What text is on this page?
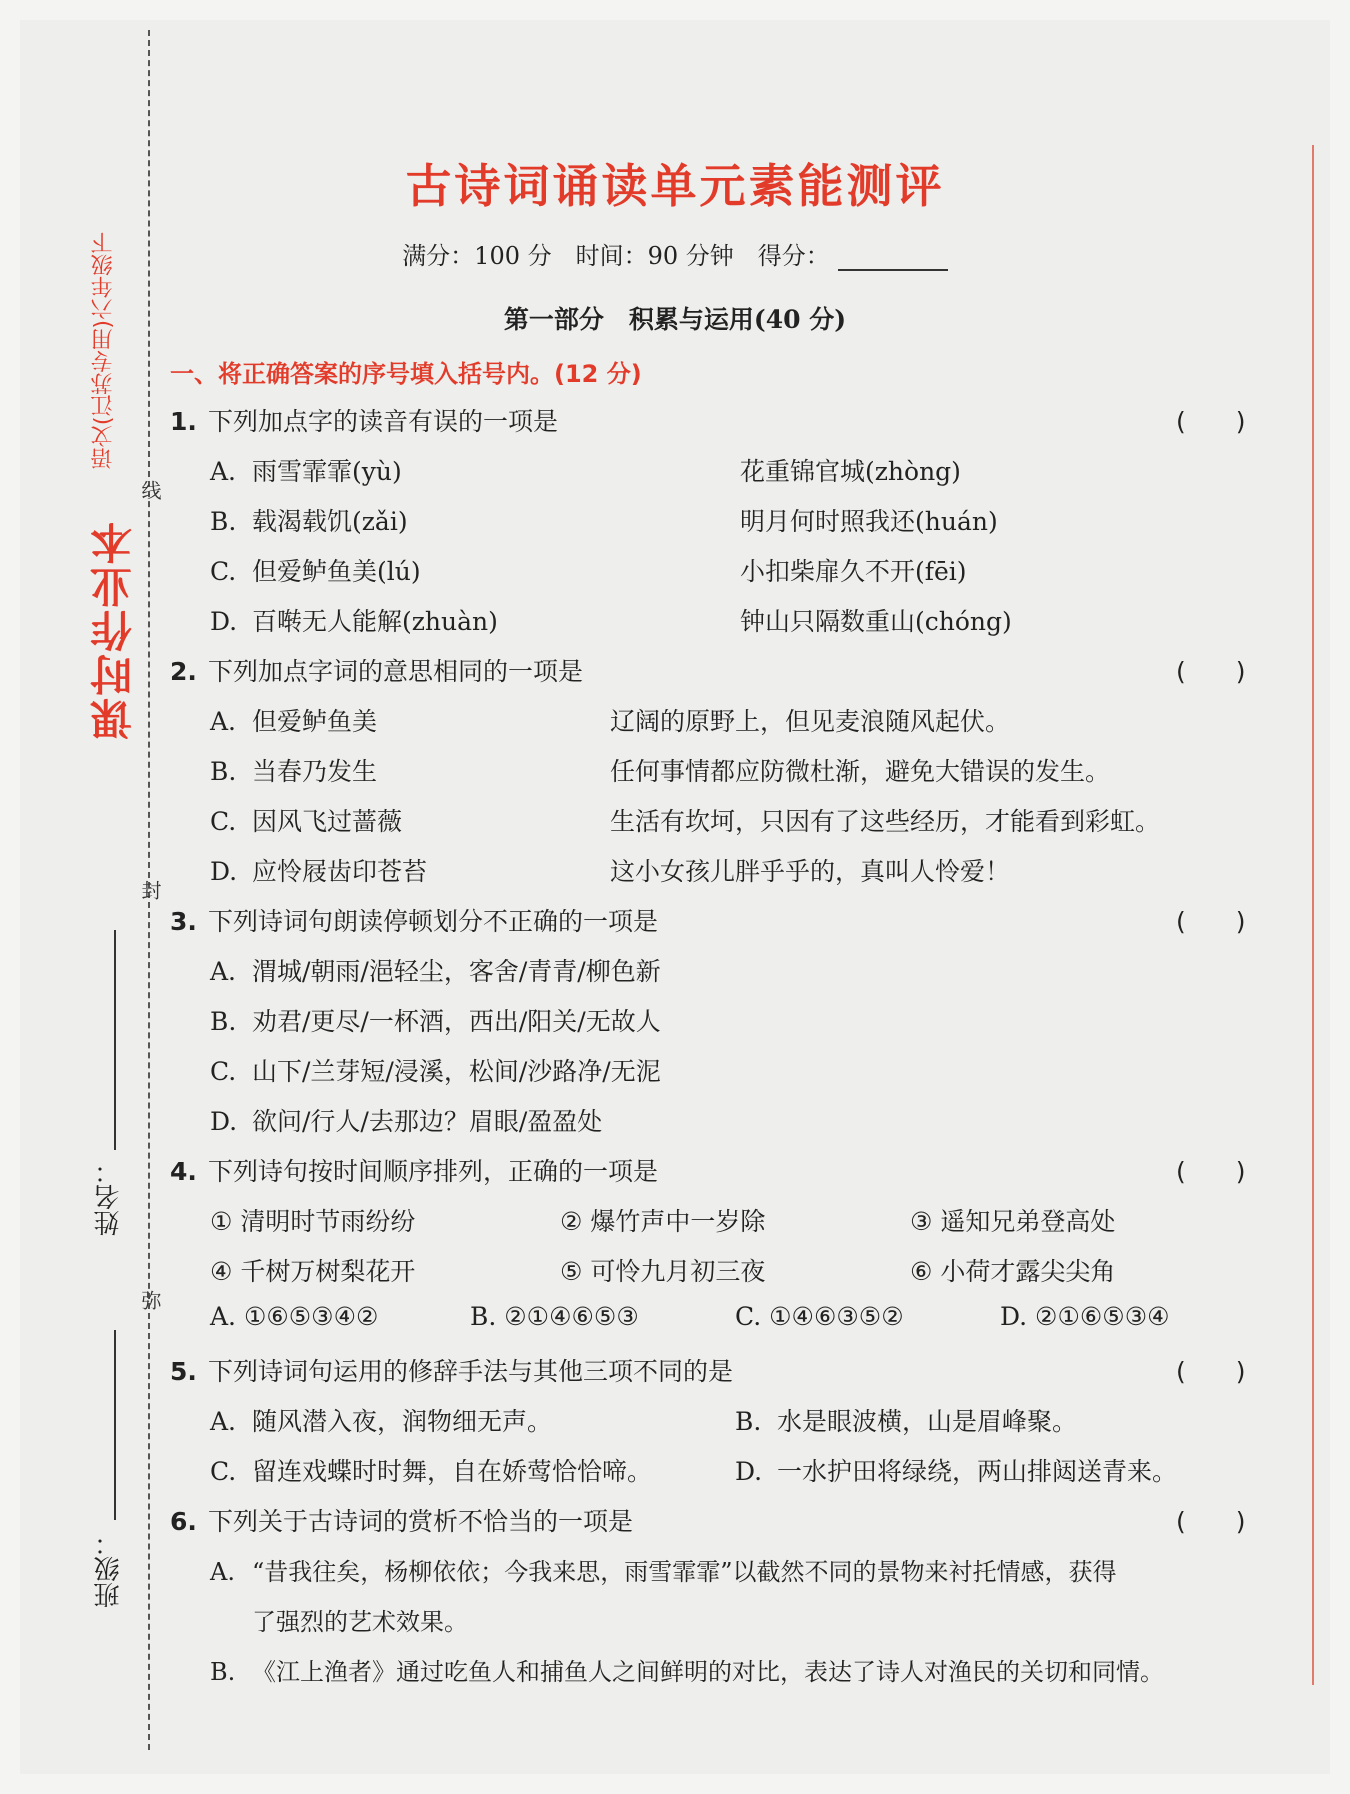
课时作业本
语文(江苏专用)六年级下
线
封
弥
姓名：
班级：
古诗词诵读单元素能测评
满分：100 分　时间：90 分钟　得分：
第一部分　积累与运用(40 分)
一、将正确答案的序号填入括号内。(12 分)
1. 下列加点字的读音有误的一项是	(　　)
A. 雨雪霏霏(yù)	花重锦官城(zhòng)
B. 载渴载饥(zǎi)	明月何时照我还(huán)
C. 但爱鲈鱼美(lú)	小扣柴扉久不开(fēi)
D. 百啭无人能解(zhuàn)	钟山只隔数重山(chóng)
2. 下列加点字词的意思相同的一项是	(　　)
A. 但爱鲈鱼美	辽阔的原野上，但见麦浪随风起伏。
B. 当春乃发生	任何事情都应防微杜渐，避免大错误的发生。
C. 因风飞过蔷薇	生活有坎坷，只因有了这些经历，才能看到彩虹。
D. 应怜屐齿印苍苔	这小女孩儿胖乎乎的，真叫人怜爱！
3. 下列诗词句朗读停顿划分不正确的一项是	(　　)
A. 渭城/朝雨/浥轻尘，客舍/青青/柳色新
B. 劝君/更尽/一杯酒，西出/阳关/无故人
C. 山下/兰芽短/浸溪，松间/沙路净/无泥
D. 欲问/行人/去那边？眉眼/盈盈处
4. 下列诗句按时间顺序排列，正确的一项是	(　　)
① 清明时节雨纷纷	② 爆竹声中一岁除	③ 遥知兄弟登高处
④ 千树万树梨花开	⑤ 可怜九月初三夜	⑥ 小荷才露尖尖角
A. ①⑥⑤③④②	B. ②①④⑥⑤③	C. ①④⑥③⑤②	D. ②①⑥⑤③④
5. 下列诗词句运用的修辞手法与其他三项不同的是	(　　)
A. 随风潜入夜，润物细无声。	B. 水是眼波横，山是眉峰聚。
C. 留连戏蝶时时舞，自在娇莺恰恰啼。	D. 一水护田将绿绕，两山排闼送青来。
6. 下列关于古诗词的赏析不恰当的一项是	(　　)
A. “昔我往矣，杨柳依依；今我来思，雨雪霏霏”以截然不同的景物来衬托情感，获得
了强烈的艺术效果。
B. 《江上渔者》通过吃鱼人和捕鱼人之间鲜明的对比，表达了诗人对渔民的关切和同情。
